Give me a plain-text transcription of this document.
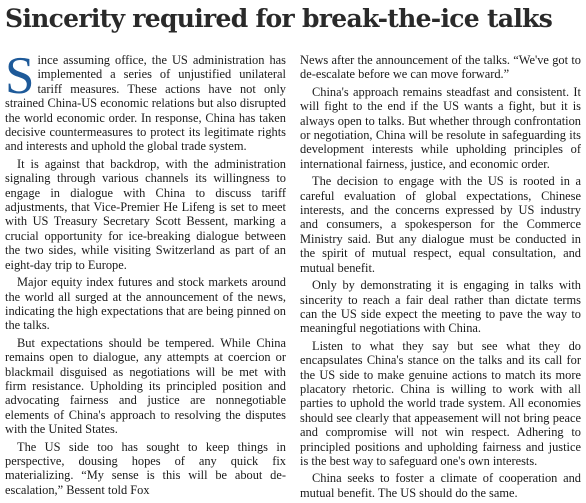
Sincerity required for break-the-ice talks

Since assuming office, the US administration has implemented a series of unjustified unilateral tariff measures. These actions have not only strained China-US economic relations but also disrupted the world economic order. In response, China has taken decisive countermeasures to protect its legitimate rights and interests and uphold the global trade system.

It is against that backdrop, with the administration signaling through various channels its willingness to engage in dialogue with China to discuss tariff adjustments, that Vice-Premier He Lifeng is set to meet with US Treasury Secretary Scott Bessent, marking a crucial opportunity for ice-breaking dialogue between the two sides, while visiting Switzerland as part of an eight-day trip to Europe.

Major equity index futures and stock markets around the world all surged at the announcement of the news, indicating the high expectations that are being pinned on the talks.

But expectations should be tempered. While China remains open to dialogue, any attempts at coercion or blackmail disguised as negotiations will be met with firm resistance. Upholding its principled position and advocating fairness and justice are nonnegotiable elements of China's approach to resolving the disputes with the United States.

The US side too has sought to keep things in perspective, dousing hopes of any quick fix materializing. “My sense is this will be about de-escalation,” Bessent told Fox

News after the announcement of the talks. “We've got to de-escalate before we can move forward.”

China's approach remains steadfast and consistent. It will fight to the end if the US wants a fight, but it is always open to talks. But whether through confrontation or negotiation, China will be resolute in safeguarding its development interests while upholding principles of international fairness, justice, and economic order.

The decision to engage with the US is rooted in a careful evaluation of global expectations, Chinese interests, and the concerns expressed by US industry and consumers, a spokesperson for the Commerce Ministry said. But any dialogue must be conducted in the spirit of mutual respect, equal consultation, and mutual benefit.

Only by demonstrating it is engaging in talks with sincerity to reach a fair deal rather than dictate terms can the US side expect the meeting to pave the way to meaningful negotiations with China.

Listen to what they say but see what they do encapsulates China's stance on the talks and its call for the US side to make genuine actions to match its more placatory rhetoric. China is willing to work with all parties to uphold the world trade system. All economies should see clearly that appeasement will not bring peace and compromise will not win respect. Adhering to principled positions and upholding fairness and justice is the best way to safeguard one's own interests.

China seeks to foster a climate of cooperation and mutual benefit. The US should do the same.
